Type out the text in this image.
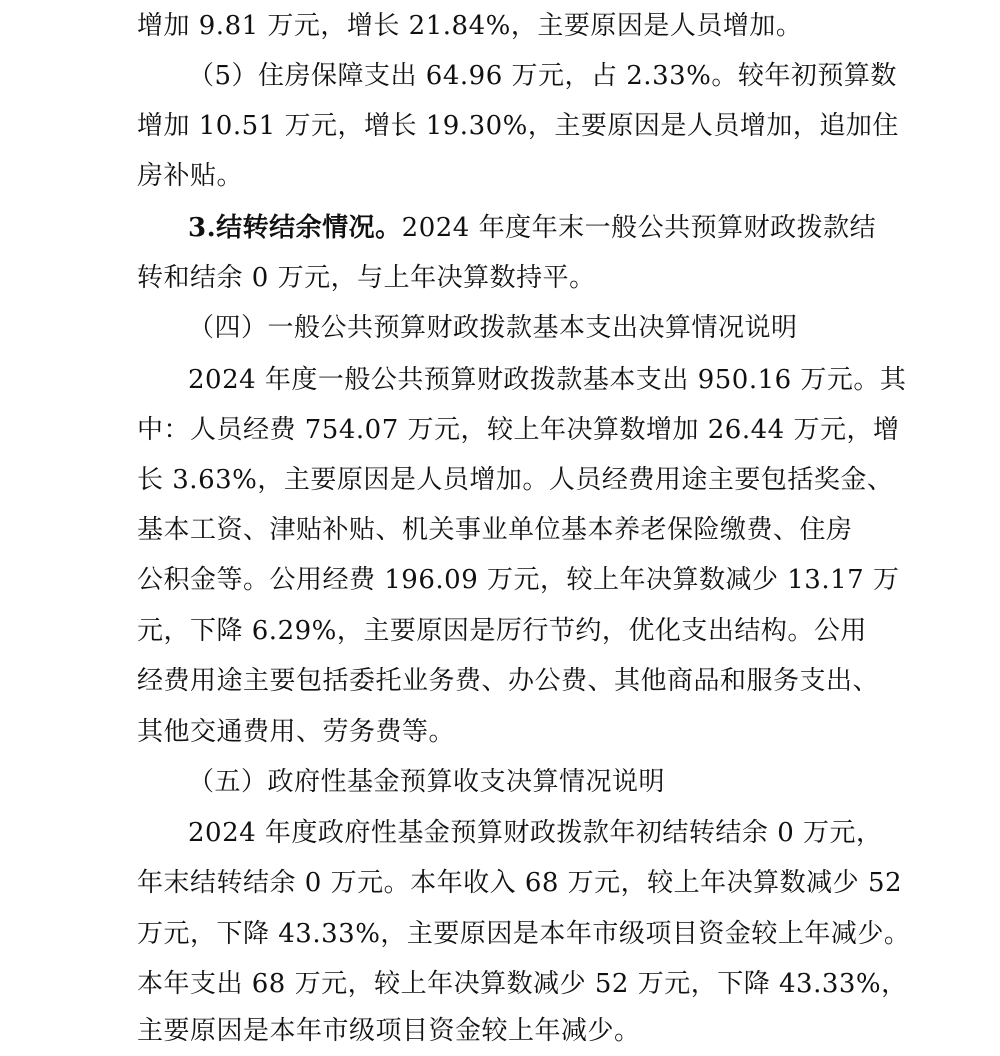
增加 9.81 万元，增长 21.84%，主要原因是人员增加。
（5）住房保障支出 64.96 万元，占 2.33%。较年初预算数
增加 10.51 万元，增长 19.30%，主要原因是人员增加，追加住
房补贴。
3.结转结余情况。2024 年度年末一般公共预算财政拨款结
转和结余 0 万元，与上年决算数持平。
（四）一般公共预算财政拨款基本支出决算情况说明
2024 年度一般公共预算财政拨款基本支出 950.16 万元。其
中：人员经费 754.07 万元，较上年决算数增加 26.44 万元，增
长 3.63%，主要原因是人员增加。人员经费用途主要包括奖金、
基本工资、津贴补贴、机关事业单位基本养老保险缴费、住房
公积金等。公用经费 196.09 万元，较上年决算数减少 13.17 万
元，下降 6.29%，主要原因是厉行节约，优化支出结构。公用
经费用途主要包括委托业务费、办公费、其他商品和服务支出、
其他交通费用、劳务费等。
（五）政府性基金预算收支决算情况说明
2024 年度政府性基金预算财政拨款年初结转结余 0 万元，
年末结转结余 0 万元。本年收入 68 万元，较上年决算数减少 52
万元，下降 43.33%，主要原因是本年市级项目资金较上年减少。
本年支出 68 万元，较上年决算数减少 52 万元，下降 43.33%，
主要原因是本年市级项目资金较上年减少。
